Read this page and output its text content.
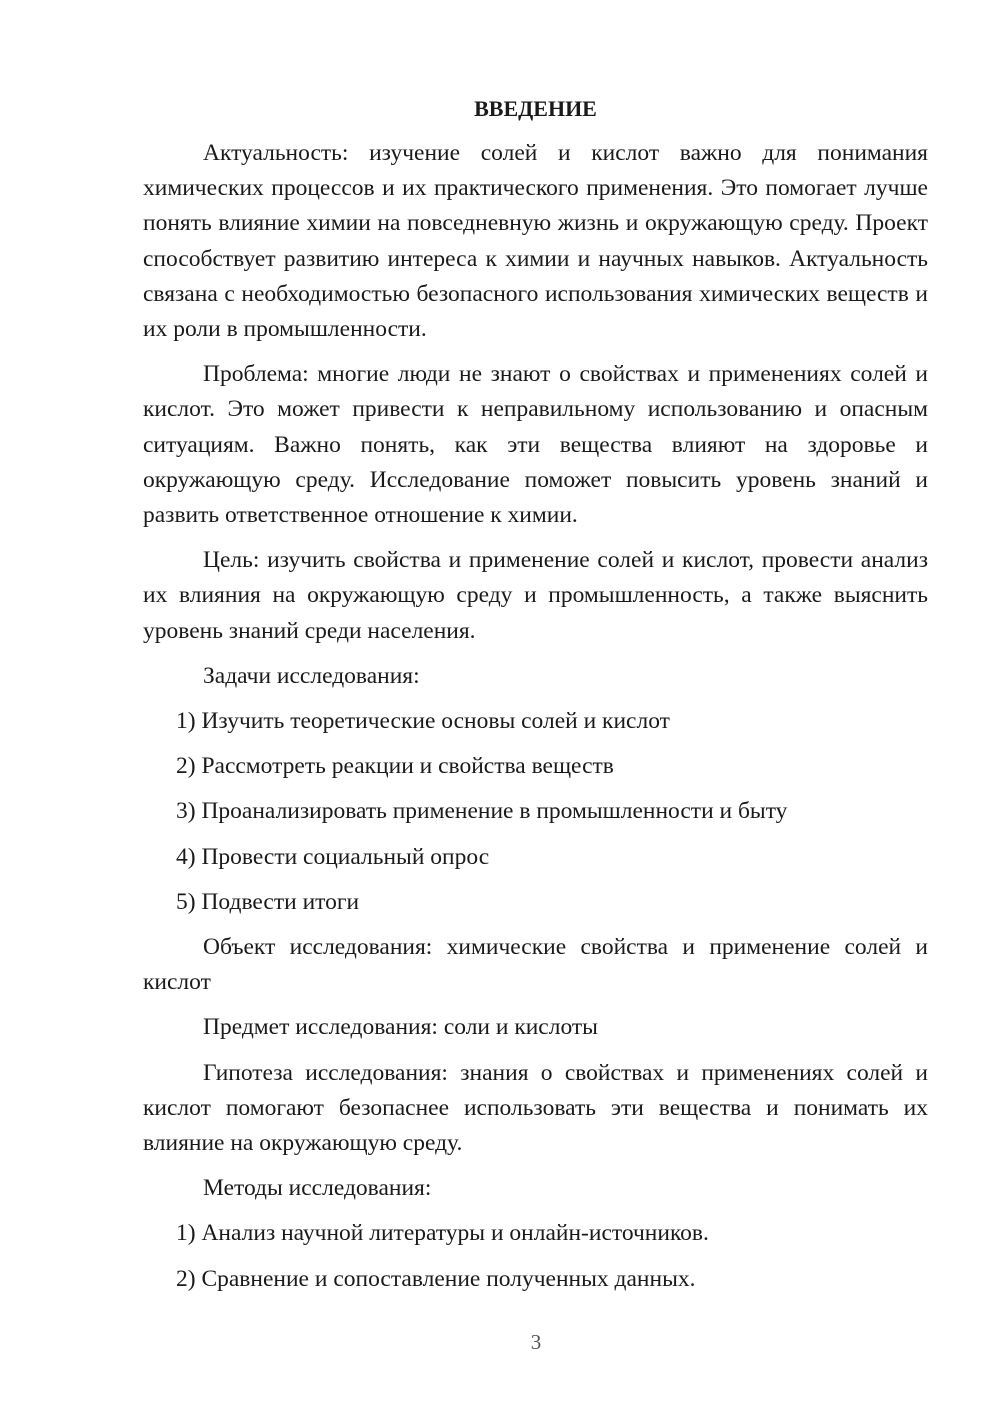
ВВЕДЕНИЕ

Актуальность: изучение солей и кислот важно для понимания химических процессов и их практического применения. Это помогает лучше понять влияние химии на повседневную жизнь и окружающую среду. Проект способствует развитию интереса к химии и научных навыков. Актуальность связана с необходимостью безопасного использования химических веществ и их роли в промышленности.

Проблема: многие люди не знают о свойствах и применениях солей и кислот. Это может привести к неправильному использованию и опасным ситуациям. Важно понять, как эти вещества влияют на здоровье и окружающую среду. Исследование поможет повысить уровень знаний и развить ответственное отношение к химии.

Цель: изучить свойства и применение солей и кислот, провести анализ их влияния на окружающую среду и промышленность, а также выяснить уровень знаний среди населения.

Задачи исследования:

1) Изучить теоретические основы солей и кислот
2) Рассмотреть реакции и свойства веществ
3) Проанализировать применение в промышленности и быту
4) Провести социальный опрос
5) Подвести итоги

Объект исследования: химические свойства и применение солей и кислот

Предмет исследования: соли и кислоты

Гипотеза исследования: знания о свойствах и применениях солей и кислот помогают безопаснее использовать эти вещества и понимать их влияние на окружающую среду.

Методы исследования:

1) Анализ научной литературы и онлайн-источников.
2) Сравнение и сопоставление полученных данных.
3
